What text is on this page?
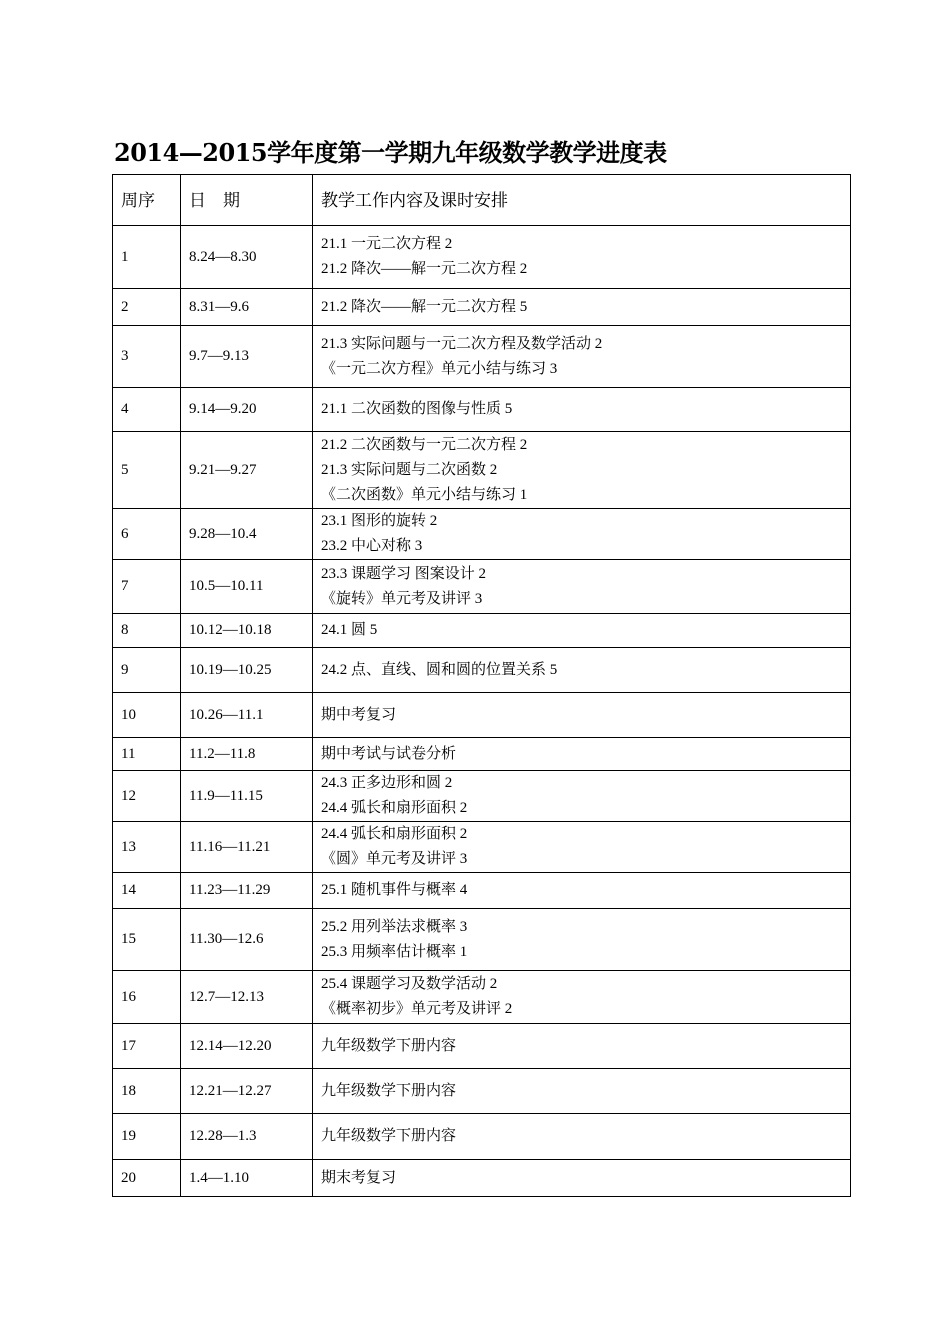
2014—2015学年度第一学期九年级数学教学进度表
周序	日　期	教学工作内容及课时安排
1	8.24—8.30	21.1 一元二次方程 2
21.2 降次——解一元二次方程 2

2	8.31—9.6	21.2 降次——解一元二次方程 5

3	9.7—9.13	21.3 实际问题与一元二次方程及数学活动 2
《一元二次方程》单元小结与练习 3

4	9.14—9.20	21.1 二次函数的图像与性质 5

5	9.21—9.27	21.2 二次函数与一元二次方程 2
21.3 实际问题与二次函数 2
《二次函数》单元小结与练习 1

6	9.28—10.4	23.1 图形的旋转 2
23.2 中心对称 3

7	10.5—10.11	23.3 课题学习 图案设计 2
《旋转》单元考及讲评 3

8	10.12—10.18	24.1 圆 5

9	10.19—10.25	24.2 点、直线、圆和圆的位置关系 5

10	10.26—11.1	期中考复习

11	11.2—11.8	期中考试与试卷分析

12	11.9—11.15	24.3 正多边形和圆 2
24.4 弧长和扇形面积 2

13	11.16—11.21	24.4 弧长和扇形面积 2
《圆》单元考及讲评 3

14	11.23—11.29	25.1 随机事件与概率 4

15	11.30—12.6	25.2 用列举法求概率 3
25.3 用频率估计概率 1

16	12.7—12.13	25.4 课题学习及数学活动 2
《概率初步》单元考及讲评 2

17	12.14—12.20	九年级数学下册内容

18	12.21—12.27	九年级数学下册内容

19	12.28—1.3	九年级数学下册内容

20	1.4—1.10	期末考复习
